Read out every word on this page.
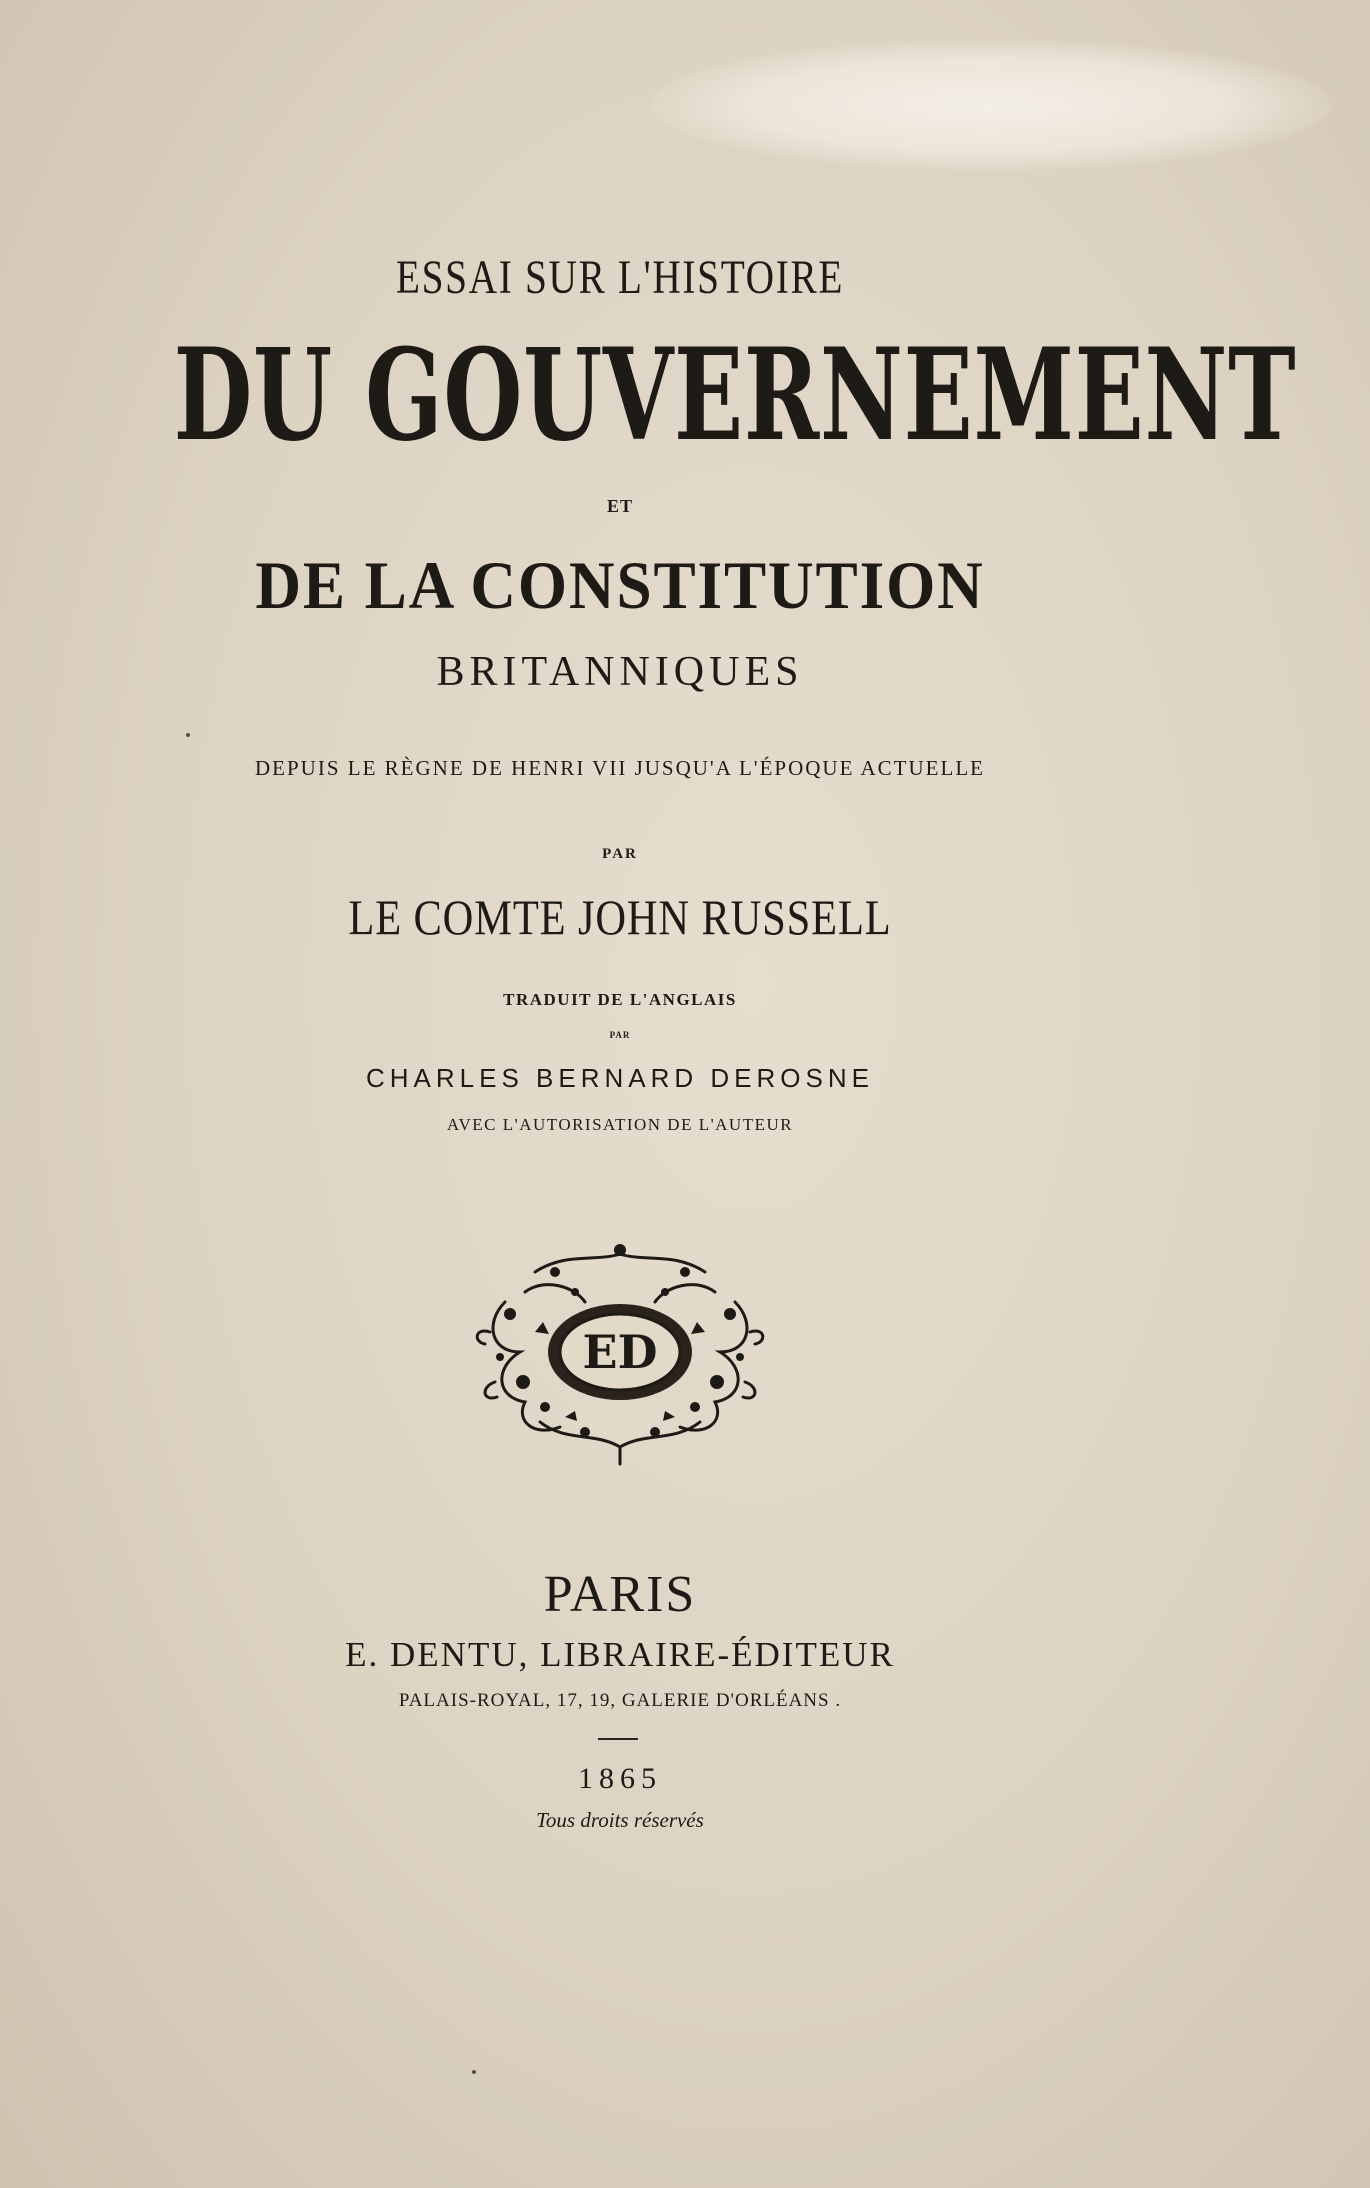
ESSAI SUR L'HISTOIRE
DU GOUVERNEMENT
ET
DE LA CONSTITUTION
BRITANNIQUES
DEPUIS LE RÈGNE DE HENRI VII JUSQU'A L'ÉPOQUE ACTUELLE
PAR
LE COMTE JOHN RUSSELL
TRADUIT DE L'ANGLAIS
PAR
CHARLES BERNARD DEROSNE
AVEC L'AUTORISATION DE L'AUTEUR
ED
PARIS
E. DENTU, LIBRAIRE-ÉDITEUR
PALAIS-ROYAL, 17, 19, GALERIE D'ORLÉANS .
1865
Tous droits réservés
